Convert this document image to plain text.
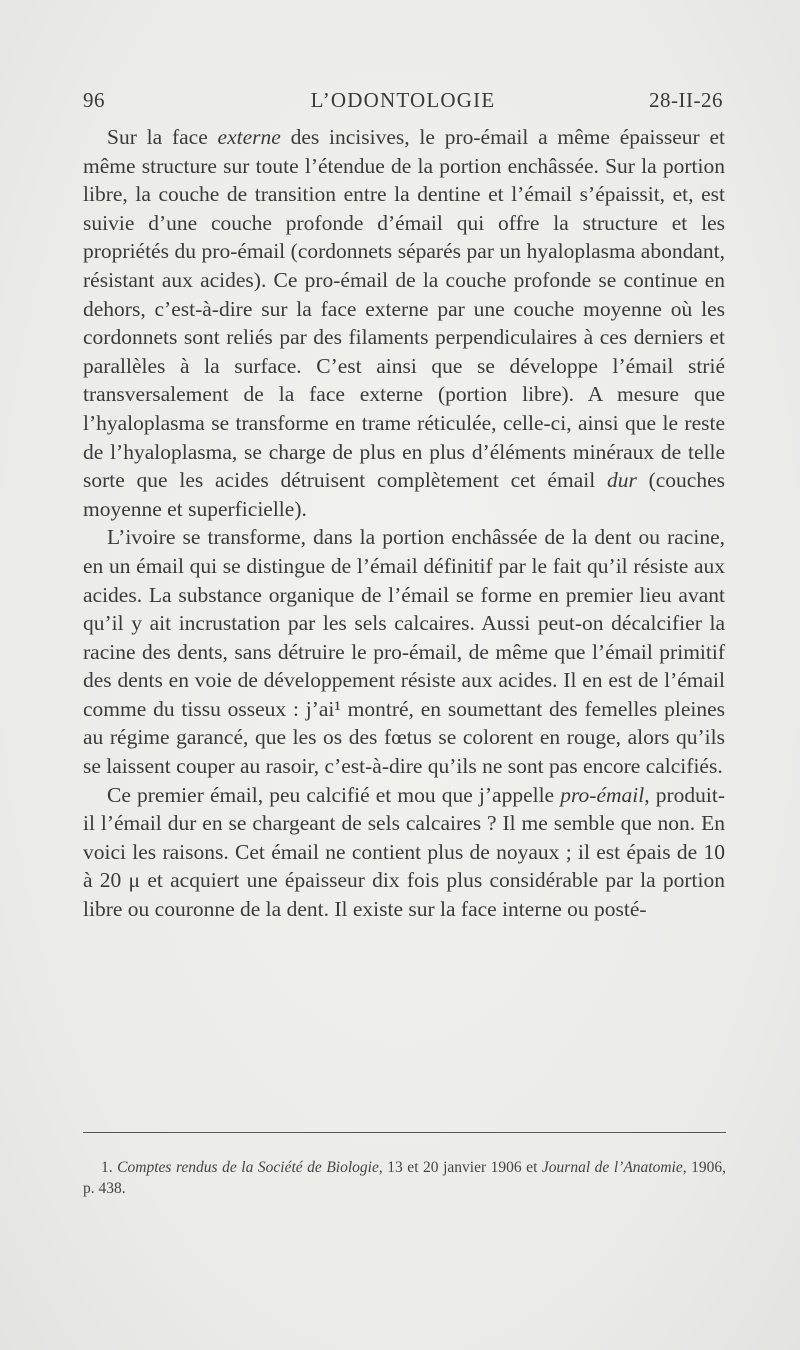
96	L’ODONTOLOGIE	28-II-26

Sur la face externe des incisives, le pro-émail a même épaisseur et même structure sur toute l’étendue de la portion enchâssée. Sur la portion libre, la couche de transition entre la dentine et l’émail s’épaissit, et, est suivie d’une couche profonde d’émail qui offre la structure et les propriétés du pro-émail (cordonnets séparés par un hyaloplasma abondant, résistant aux acides). Ce pro-émail de la couche profonde se continue en dehors, c’est-à-dire sur la face externe par une couche moyenne où les cordonnets sont reliés par des filaments perpendiculaires à ces derniers et parallèles à la surface. C’est ainsi que se développe l’émail strié transversalement de la face externe (portion libre). A mesure que l’hyaloplasma se transforme en trame réticulée, celle-ci, ainsi que le reste de l’hyaloplasma, se charge de plus en plus d’éléments minéraux de telle sorte que les acides détruisent complètement cet émail dur (couches moyenne et superficielle).

L’ivoire se transforme, dans la portion enchâssée de la dent ou racine, en un émail qui se distingue de l’émail définitif par le fait qu’il résiste aux acides. La substance organique de l’émail se forme en premier lieu avant qu’il y ait incrustation par les sels calcaires. Aussi peut-on décalcifier la racine des dents, sans détruire le pro-émail, de même que l’émail primitif des dents en voie de développement résiste aux acides. Il en est de l’émail comme du tissu osseux : j’ai¹ montré, en soumettant des femelles pleines au régime garancé, que les os des fœtus se colorent en rouge, alors qu’ils se laissent couper au rasoir, c’est-à-dire qu’ils ne sont pas encore calcifiés.

Ce premier émail, peu calcifié et mou que j’appelle pro-émail, produit-il l’émail dur en se chargeant de sels calcaires ? Il me semble que non. En voici les raisons. Cet émail ne contient plus de noyaux ; il est épais de 10 à 20 μ et acquiert une épaisseur dix fois plus considérable par la portion libre ou couronne de la dent. Il existe sur la face interne ou posté-

1. Comptes rendus de la Société de Biologie, 13 et 20 janvier 1906 et Journal de l’Anatomie, 1906, p. 438.
